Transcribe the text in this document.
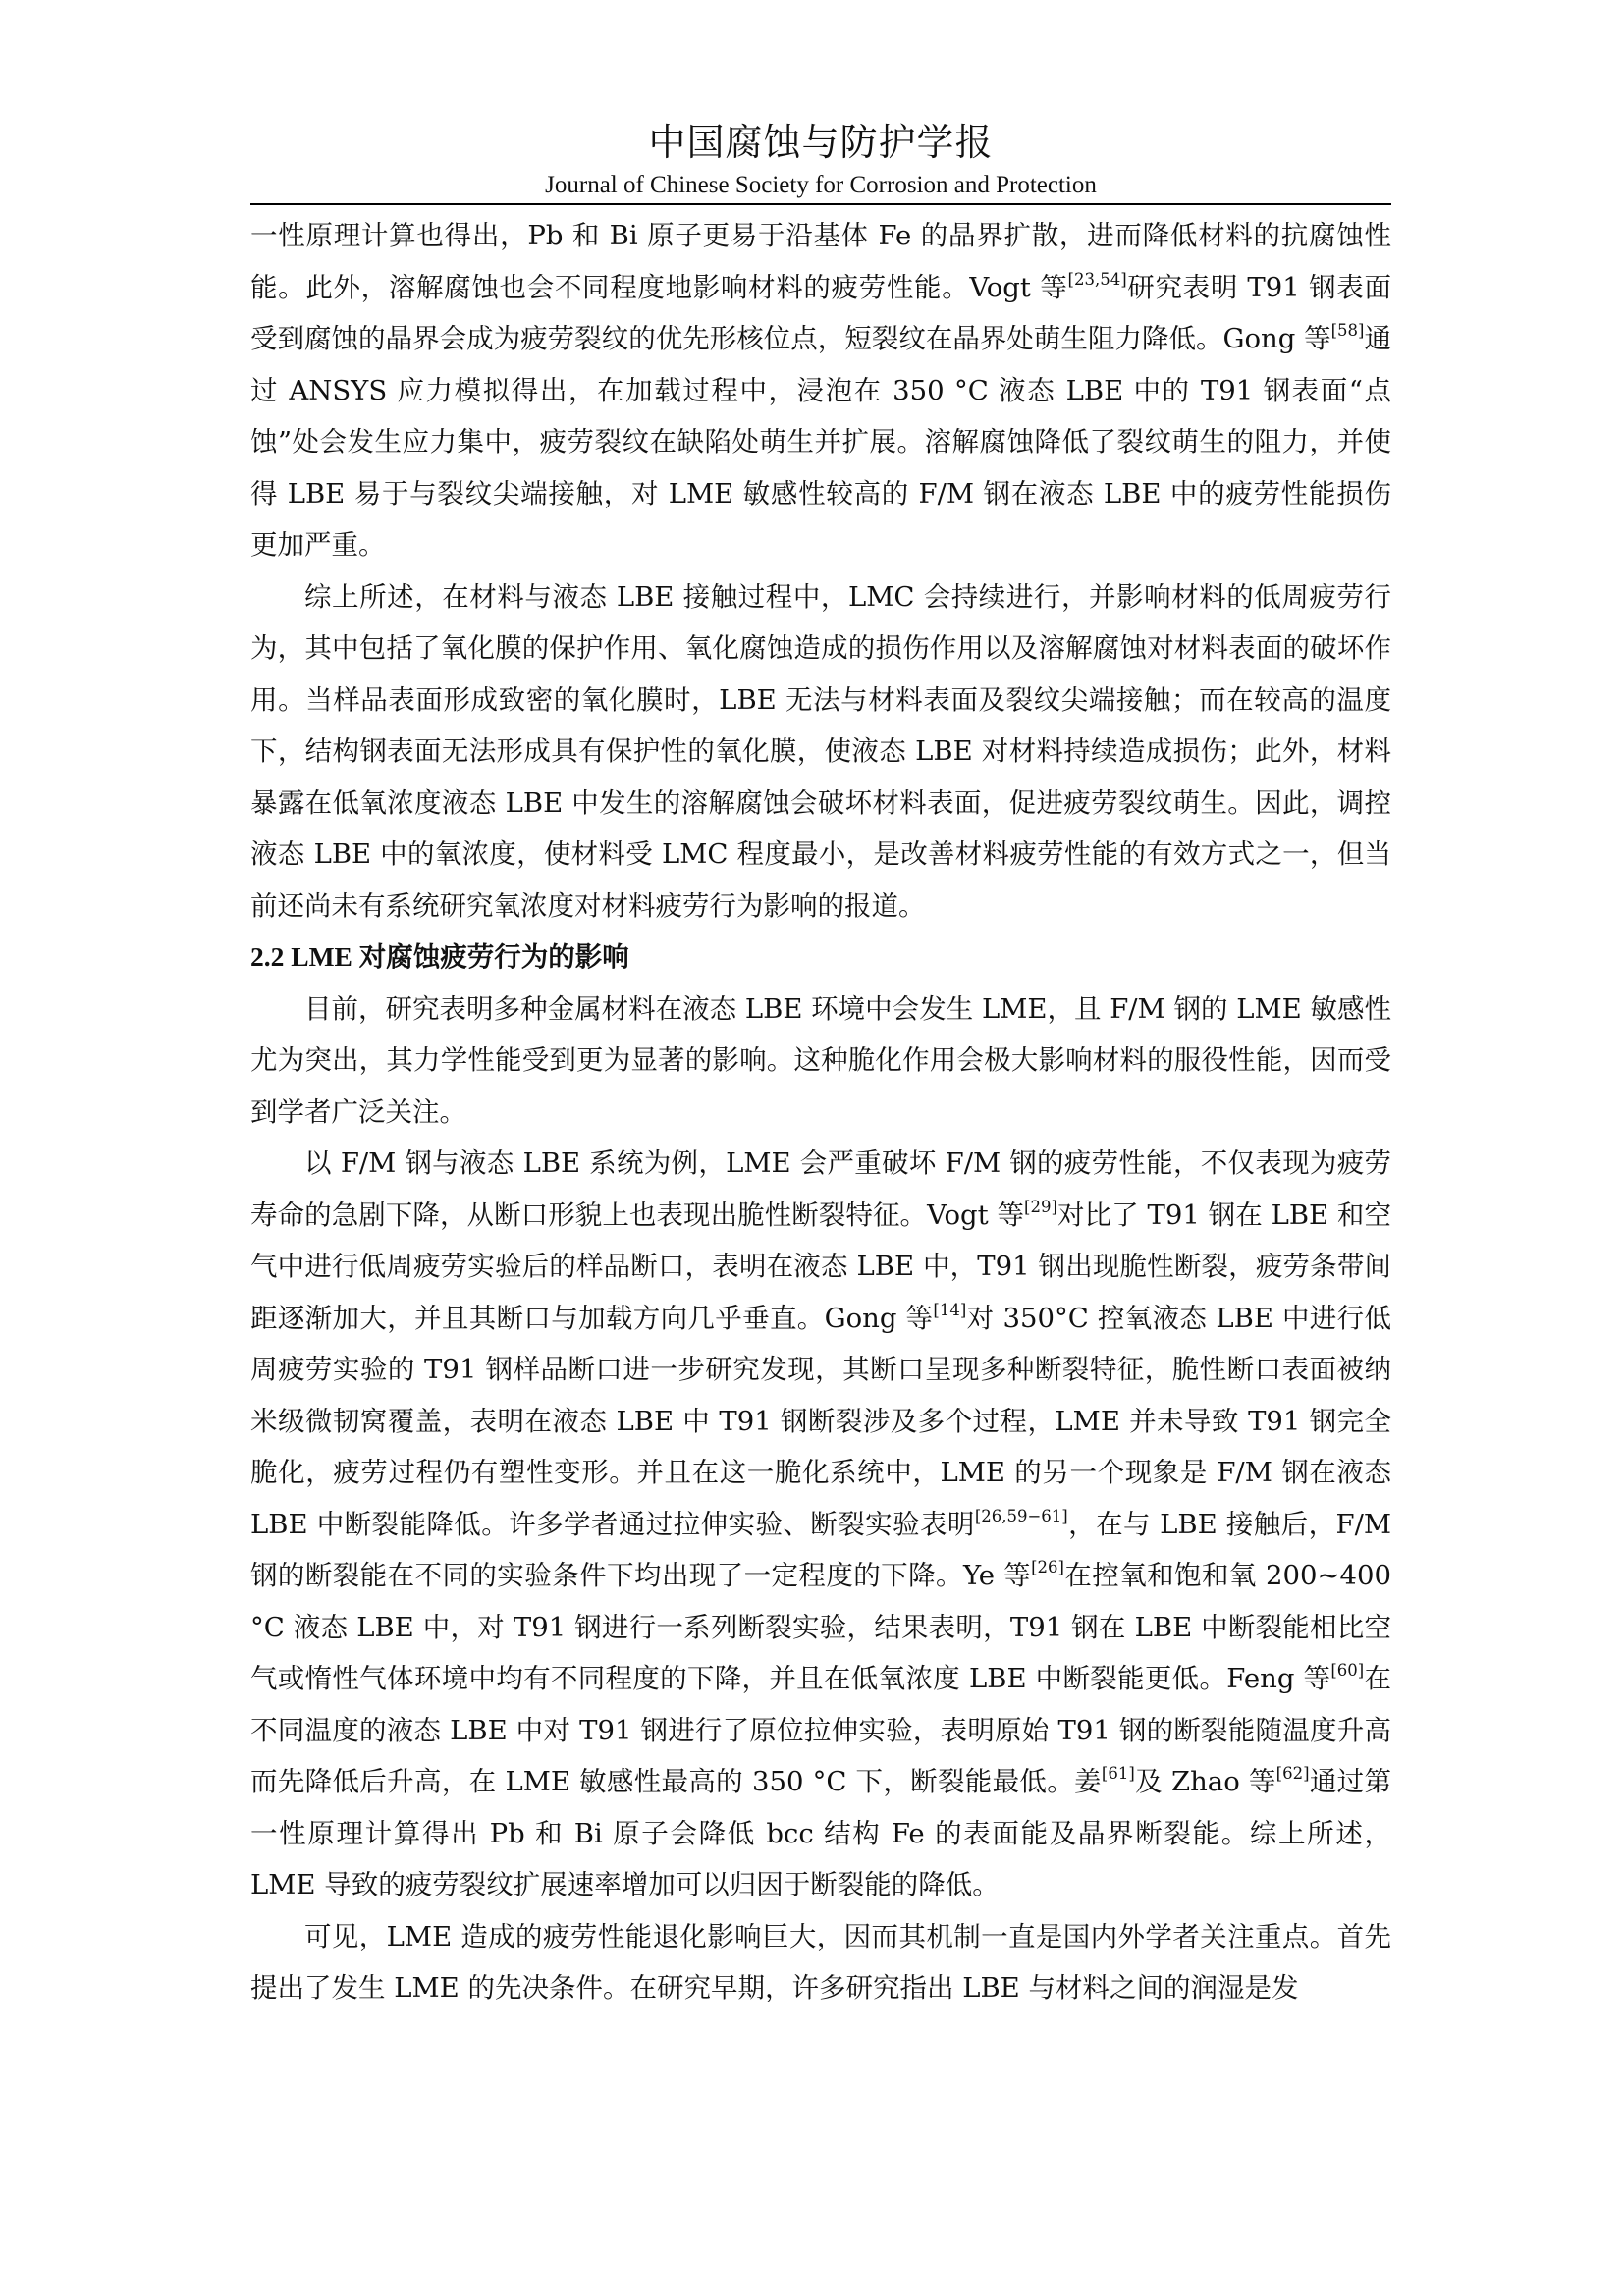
中国腐蚀与防护学报
Journal of Chinese Society for Corrosion and Protection

一性原理计算也得出，Pb 和 Bi 原子更易于沿基体 Fe 的晶界扩散，进而降低材料的抗腐蚀性能。此外，溶解腐蚀也会不同程度地影响材料的疲劳性能。Vogt 等[23,54]研究表明 T91 钢表面受到腐蚀的晶界会成为疲劳裂纹的优先形核位点，短裂纹在晶界处萌生阻力降低。Gong 等[58]通过 ANSYS 应力模拟得出，在加载过程中，浸泡在 350 °C 液态 LBE 中的 T91 钢表面“点蚀”处会发生应力集中，疲劳裂纹在缺陷处萌生并扩展。溶解腐蚀降低了裂纹萌生的阻力，并使得 LBE 易于与裂纹尖端接触，对 LME 敏感性较高的 F/M 钢在液态 LBE 中的疲劳性能损伤更加严重。

综上所述，在材料与液态 LBE 接触过程中，LMC 会持续进行，并影响材料的低周疲劳行为，其中包括了氧化膜的保护作用、氧化腐蚀造成的损伤作用以及溶解腐蚀对材料表面的破坏作用。当样品表面形成致密的氧化膜时，LBE 无法与材料表面及裂纹尖端接触；而在较高的温度下，结构钢表面无法形成具有保护性的氧化膜，使液态 LBE 对材料持续造成损伤；此外，材料暴露在低氧浓度液态 LBE 中发生的溶解腐蚀会破坏材料表面，促进疲劳裂纹萌生。因此，调控液态 LBE 中的氧浓度，使材料受 LMC 程度最小，是改善材料疲劳性能的有效方式之一，但当前还尚未有系统研究氧浓度对材料疲劳行为影响的报道。

2.2 LME 对腐蚀疲劳行为的影响

目前，研究表明多种金属材料在液态 LBE 环境中会发生 LME，且 F/M 钢的 LME 敏感性尤为突出，其力学性能受到更为显著的影响。这种脆化作用会极大影响材料的服役性能，因而受到学者广泛关注。

以 F/M 钢与液态 LBE 系统为例，LME 会严重破坏 F/M 钢的疲劳性能，不仅表现为疲劳寿命的急剧下降，从断口形貌上也表现出脆性断裂特征。Vogt 等[29]对比了 T91 钢在 LBE 和空气中进行低周疲劳实验后的样品断口，表明在液态 LBE 中，T91 钢出现脆性断裂，疲劳条带间距逐渐加大，并且其断口与加载方向几乎垂直。Gong 等[14]对 350°C 控氧液态 LBE 中进行低周疲劳实验的 T91 钢样品断口进一步研究发现，其断口呈现多种断裂特征，脆性断口表面被纳米级微韧窝覆盖，表明在液态 LBE 中 T91 钢断裂涉及多个过程，LME 并未导致 T91 钢完全脆化，疲劳过程仍有塑性变形。并且在这一脆化系统中，LME 的另一个现象是 F/M 钢在液态 LBE 中断裂能降低。许多学者通过拉伸实验、断裂实验表明[26,59−61]，在与 LBE 接触后，F/M 钢的断裂能在不同的实验条件下均出现了一定程度的下降。Ye 等[26]在控氧和饱和氧 200~400 °C 液态 LBE 中，对 T91 钢进行一系列断裂实验，结果表明，T91 钢在 LBE 中断裂能相比空气或惰性气体环境中均有不同程度的下降，并且在低氧浓度 LBE 中断裂能更低。Feng 等[60]在不同温度的液态 LBE 中对 T91 钢进行了原位拉伸实验，表明原始 T91 钢的断裂能随温度升高而先降低后升高，在 LME 敏感性最高的 350 °C 下，断裂能最低。姜[61]及 Zhao 等[62]通过第一性原理计算得出 Pb 和 Bi 原子会降低 bcc 结构 Fe 的表面能及晶界断裂能。综上所述，LME 导致的疲劳裂纹扩展速率增加可以归因于断裂能的降低。

可见，LME 造成的疲劳性能退化影响巨大，因而其机制一直是国内外学者关注重点。首先提出了发生 LME 的先决条件。在研究早期，许多研究指出 LBE 与材料之间的润湿是发
